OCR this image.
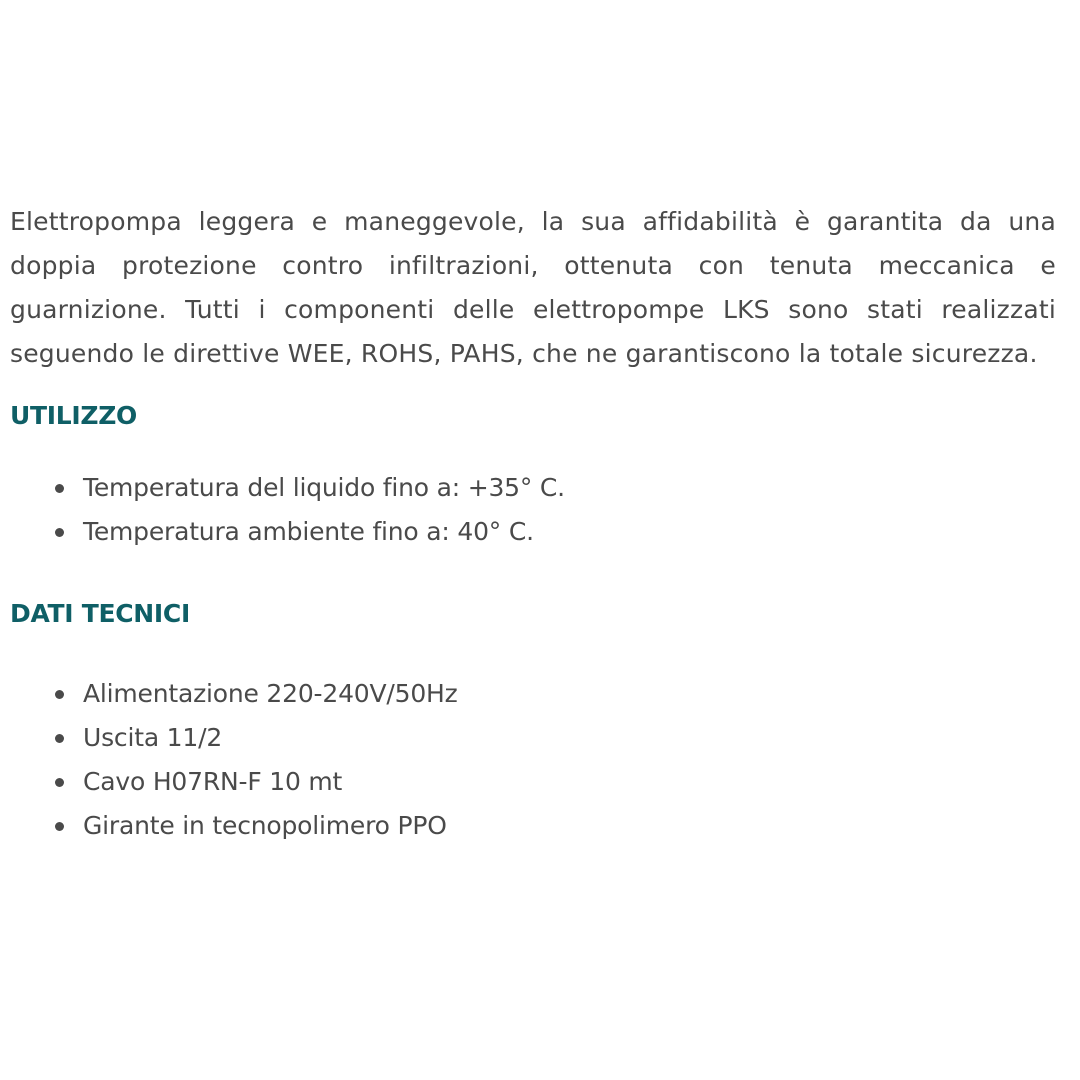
Elettropompa leggera e maneggevole, la sua affidabilità è garantita da una doppia protezione contro infiltrazioni, ottenuta con tenuta meccanica e guarnizione. Tutti i componenti delle elettropompe LKS sono stati realizzati seguendo le direttive WEE, ROHS, PAHS, che ne garantiscono la totale sicurezza.

UTILIZZO
Temperatura del liquido fino a: +35° C.
Temperatura ambiente fino a: 40° C.
DATI TECNICI
Alimentazione 220-240V/50Hz
Uscita 11/2
Cavo H07RN-F 10 mt
Girante in tecnopolimero PPO
